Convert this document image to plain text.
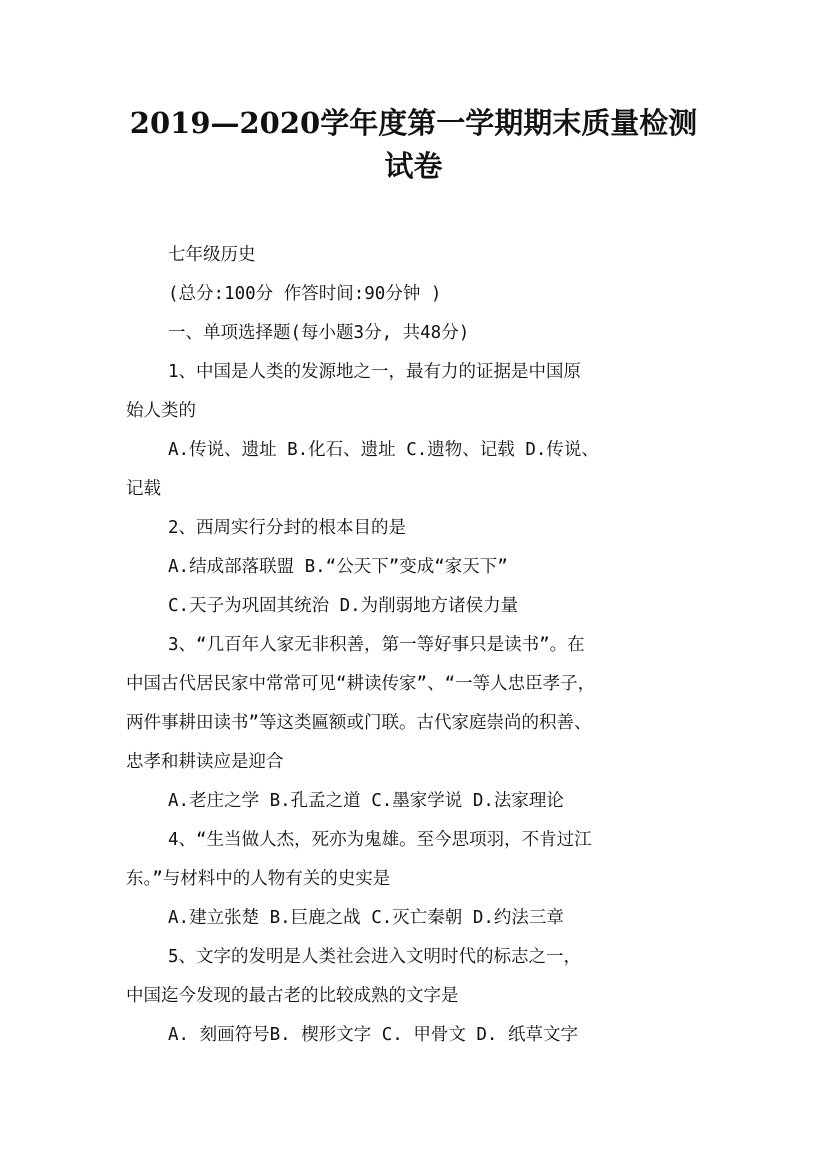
2019—2020学年度第一学期期末质量检测
试卷

七年级历史

(总分:100分 作答时间:90分钟 )

一、单项选择题(每小题3分, 共48分)

1、中国是人类的发源地之一，最有力的证据是中国原

始人类的

A.传说、遗址 B.化石、遗址 C.遗物、记载 D.传说、

记载

2、西周实行分封的根本目的是

A.结成部落联盟 B.“公天下”变成“家天下”

C.天子为巩固其统治 D.为削弱地方诸侯力量

3、“几百年人家无非积善，第一等好事只是读书”。在

中国古代居民家中常常可见“耕读传家”、“一等人忠臣孝子，

两件事耕田读书”等这类匾额或门联。古代家庭崇尚的积善、

忠孝和耕读应是迎合

A.老庄之学 B.孔孟之道 C.墨家学说 D.法家理论

4、“生当做人杰，死亦为鬼雄。至今思项羽，不肯过江

东。”与材料中的人物有关的史实是

A.建立张楚 B.巨鹿之战 C.灭亡秦朝 D.约法三章

5、文字的发明是人类社会进入文明时代的标志之一，

中国迄今发现的最古老的比较成熟的文字是

A. 刻画符号B. 楔形文字 C. 甲骨文 D. 纸草文字
